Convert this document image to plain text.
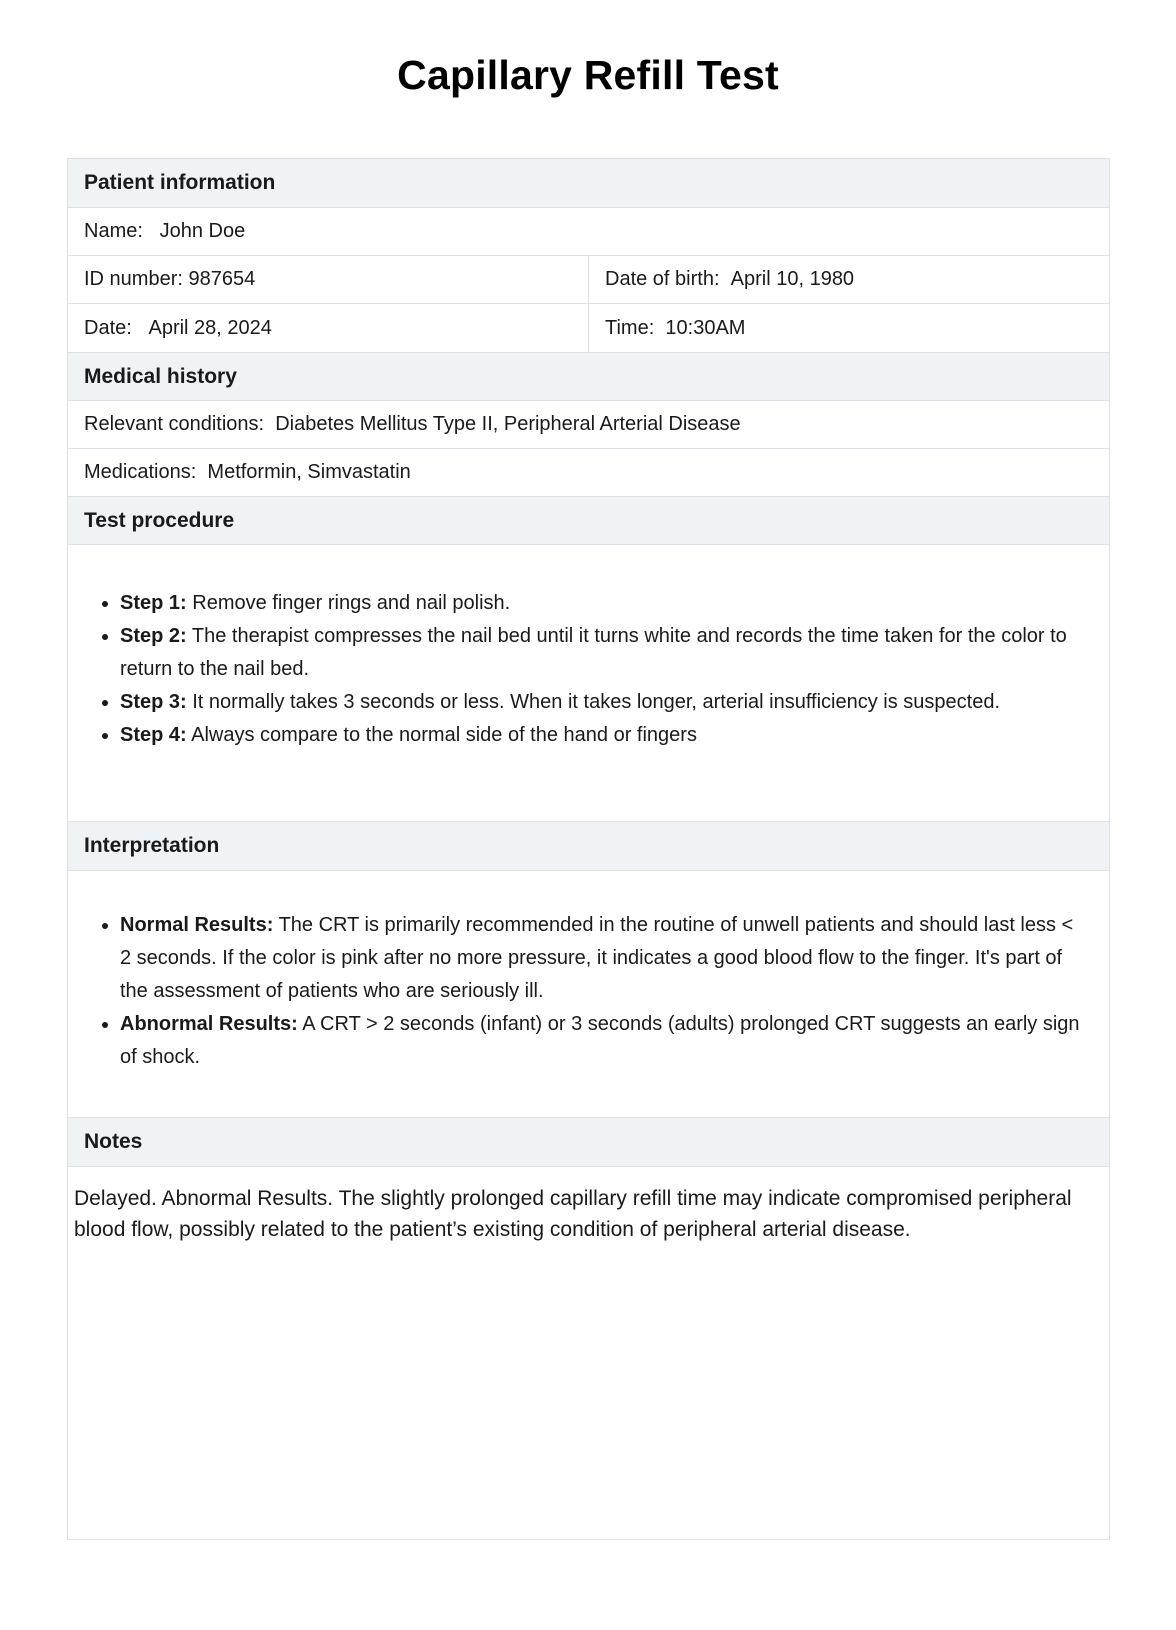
Capillary Refill Test
Patient information
Name:
John Doe
ID number:
987654	Date of birth:
April 10, 1980
Date:
April 28, 2024	Time:
10:30AM
Medical history
Relevant conditions:
Diabetes Mellitus Type II, Peripheral Arterial Disease
Medications:
Metformin, Simvastatin
Test procedure
• Step 1: Remove finger rings and nail polish.
• Step 2: The therapist compresses the nail bed until it turns white and records the time taken for the color to return to the nail bed.
• Step 3: It normally takes 3 seconds or less. When it takes longer, arterial insufficiency is suspected.
• Step 4: Always compare to the normal side of the hand or fingers
Interpretation
• Normal Results: The CRT is primarily recommended in the routine of unwell patients and should last less < 2 seconds. If the color is pink after no more pressure, it indicates a good blood flow to the finger. It's part of the assessment of patients who are seriously ill.
• Abnormal Results: A CRT > 2 seconds (infant) or 3 seconds (adults) prolonged CRT suggests an early sign of shock.
Notes
Delayed. Abnormal Results. The slightly prolonged capillary refill time may indicate compromised peripheral blood flow, possibly related to the patient’s existing condition of peripheral arterial disease.
